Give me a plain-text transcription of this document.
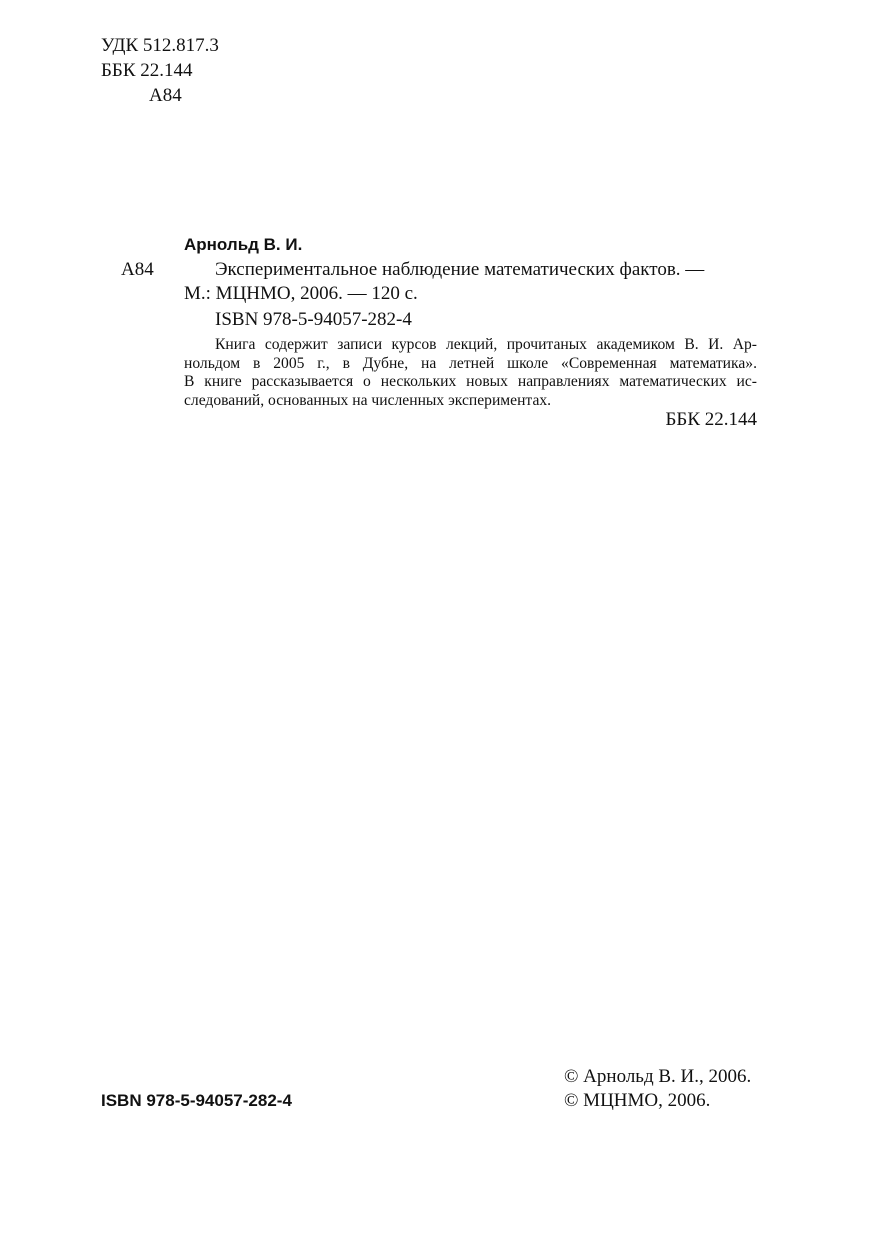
УДК 512.817.3
ББК 22.144
А84
Арнольд В. И.
А84	Экспериментальное наблюдение математических фактов. —
М.: МЦНМО, 2006. — 120 с.
ISBN 978-5-94057-282-4
Книга содержит записи курсов лекций, прочитаных академиком В. И. Ар-
нольдом в 2005 г., в Дубне, на летней школе «Современная математика».
В книге рассказывается о нескольких новых направлениях математических ис-
следований, основанных на численных экспериментах.
ББК 22.144
ISBN 978-5-94057-282-4
© Арнольд В. И., 2006.
© МЦНМО, 2006.
